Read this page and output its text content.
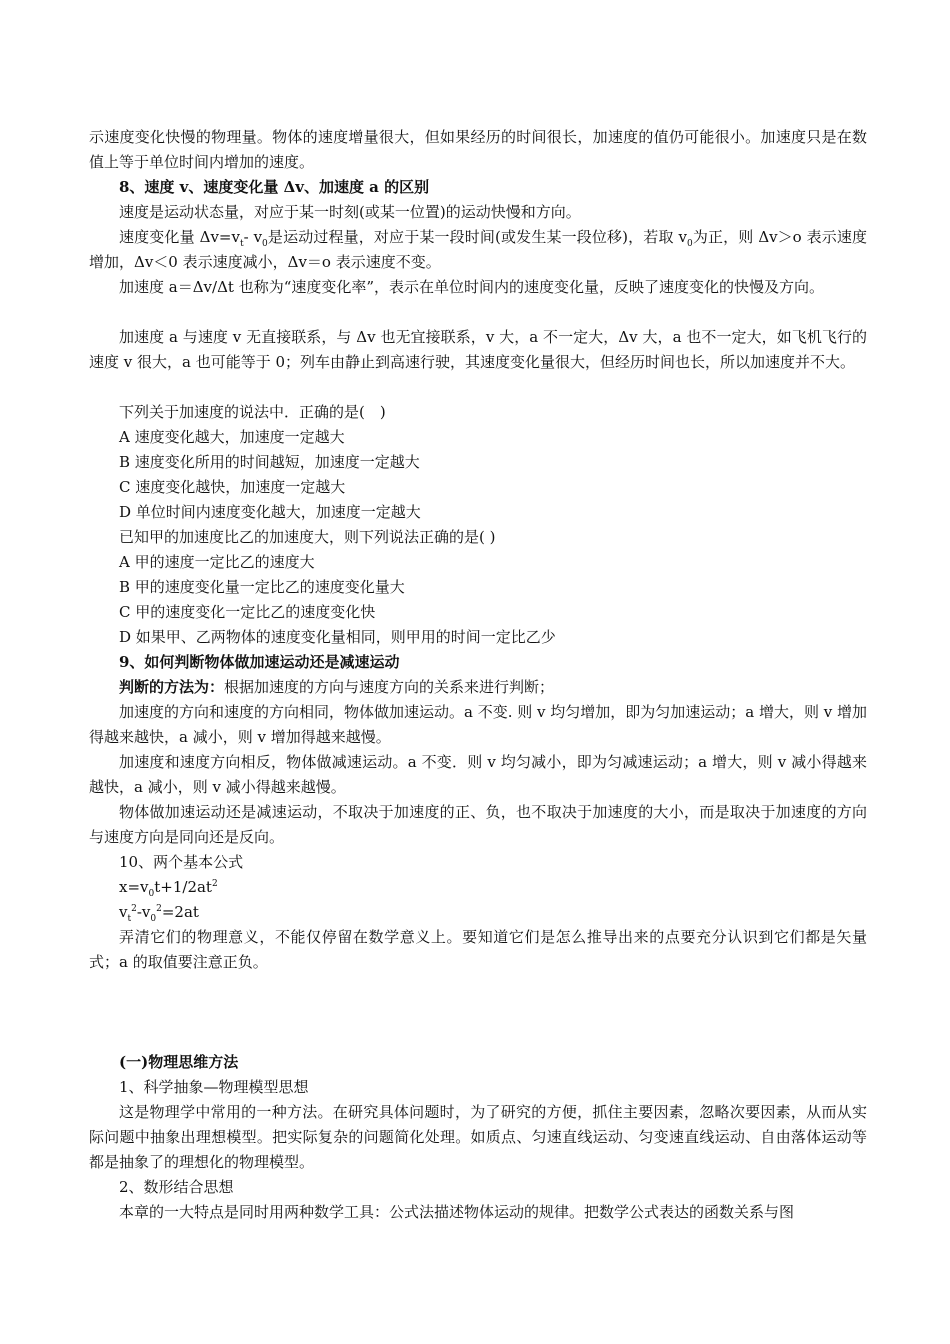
示速度变化快慢的物理量。物体的速度增量很大，但如果经历的时间很长，加速度的值仍可能很小。加速度只是在数值上等于单位时间内增加的速度。

8、速度 v、速度变化量 Δv、加速度 a 的区别

速度是运动状态量，对应于某一时刻(或某一位置)的运动快慢和方向。

速度变化量 $\Delta v=v_t-$ $v_0$是运动过程量，对应于某一段时间(或发生某一段位移)，若取 $v_0$为正，则 Δv＞o 表示速度增加，Δv＜0 表示速度减小，Δv＝o 表示速度不变。

加速度 a＝Δv/Δt 也称为“速度变化率”，表示在单位时间内的速度变化量，反映了速度变化的快慢及方向。

加速度 a 与速度 v 无直接联系，与 Δv 也无宜接联系，v 大，a 不一定大，Δv 大，a 也不一定大，如飞机飞行的速度 v 很大，a 也可能等于 0；列车由静止到高速行驶，其速度变化量很大，但经历时间也长，所以加速度并不大。

下列关于加速度的说法中．正确的是(　)

A 速度变化越大，加速度一定越大

B 速度变化所用的时间越短，加速度一定越大

C 速度变化越快，加速度一定越大

D 单位时间内速度变化越大，加速度一定越大

已知甲的加速度比乙的加速度大，则下列说法正确的是( )

A 甲的速度一定比乙的速度大

B 甲的速度变化量一定比乙的速度变化量大

C 甲的速度变化一定比乙的速度变化快

D 如果甲、乙两物体的速度变化量相同，则甲用的时间一定比乙少

9、如何判断物体做加速运动还是减速运动

判断的方法为：根据加速度的方向与速度方向的关系来进行判断；

加速度的方向和速度的方向相同，物体做加速运动。a 不变. 则 v 均匀增加，即为匀加速运动；a 增大，则 v 增加得越来越快，a 减小，则 v 增加得越来越慢。

加速度和速度方向相反，物体做减速运动。a 不变．则 v 均匀减小，即为匀减速运动；a 增大，则 v 减小得越来越快，a 减小，则 v 减小得越来越慢。

物体做加速运动还是减速运动，不取决于加速度的正、负，也不取决于加速度的大小，而是取决于加速度的方向与速度方向是同向还是反向。

10、两个基本公式

$x=v_0t+1/2at^2$

$v_t^2-v_0^2=2at$

弄清它们的物理意义，不能仅停留在数学意义上。要知道它们是怎么推导出来的点要充分认识到它们都是矢量式；a 的取值要注意正负。

(一)物理思维方法

1、科学抽象—物理模型思想

这是物理学中常用的一种方法。在研究具体问题时，为了研究的方便，抓住主要因素，忽略次要因素，从而从实际问题中抽象出理想模型。把实际复杂的问题简化处理。如质点、匀速直线运动、匀变速直线运动、自由落体运动等都是抽象了的理想化的物理模型。

2、数形结合思想

本章的一大特点是同时用两种数学工具：公式法描述物体运动的规律。把数学公式表达的函数关系与图
